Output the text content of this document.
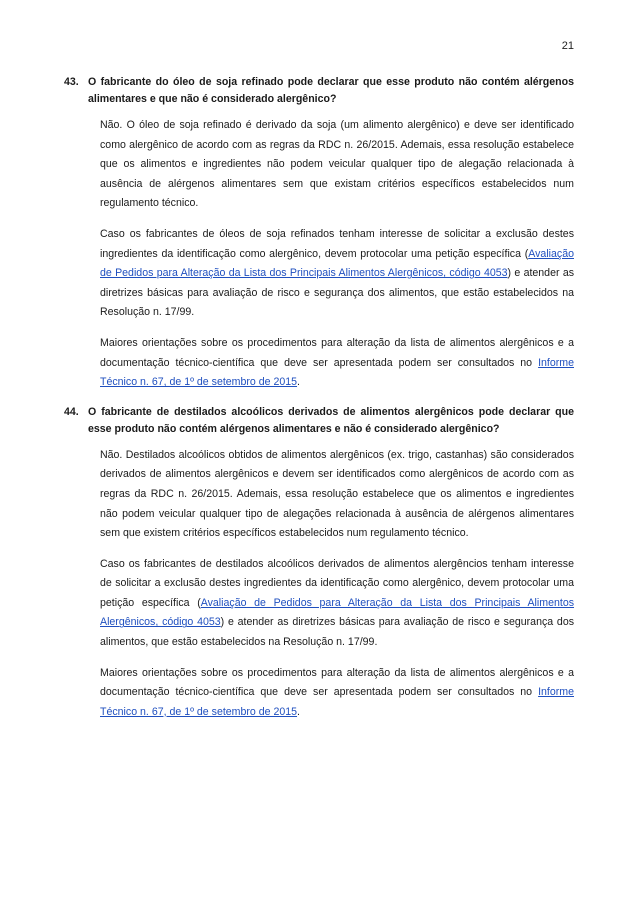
21

43. O fabricante do óleo de soja refinado pode declarar que esse produto não contém alérgenos alimentares e que não é considerado alergênico?

Não. O óleo de soja refinado é derivado da soja (um alimento alergênico) e deve ser identificado como alergênico de acordo com as regras da RDC n. 26/2015. Ademais, essa resolução estabelece que os alimentos e ingredientes não podem veicular qualquer tipo de alegação relacionada à ausência de alérgenos alimentares sem que existam critérios específicos estabelecidos num regulamento técnico.

Caso os fabricantes de óleos de soja refinados tenham interesse de solicitar a exclusão destes ingredientes da identificação como alergênico, devem protocolar uma petição específica (Avaliação de Pedidos para Alteração da Lista dos Principais Alimentos Alergênicos, código 4053) e atender as diretrizes básicas para avaliação de risco e segurança dos alimentos, que estão estabelecidos na Resolução n. 17/99.

Maiores orientações sobre os procedimentos para alteração da lista de alimentos alergênicos e a documentação técnico-científica que deve ser apresentada podem ser consultados no Informe Técnico n. 67, de 1º de setembro de 2015.

44. O fabricante de destilados alcoólicos derivados de alimentos alergênicos pode declarar que esse produto não contém alérgenos alimentares e não é considerado alergênico?

Não. Destilados alcoólicos obtidos de alimentos alergênicos (ex. trigo, castanhas) são considerados derivados de alimentos alergênicos e devem ser identificados como alergênicos de acordo com as regras da RDC n. 26/2015. Ademais, essa resolução estabelece que os alimentos e ingredientes não podem veicular qualquer tipo de alegações relacionada à ausência de alérgenos alimentares sem que existem critérios específicos estabelecidos num regulamento técnico.

Caso os fabricantes de destilados alcoólicos derivados de alimentos alergêncios tenham interesse de solicitar a exclusão destes ingredientes da identificação como alergênico, devem protocolar uma petição específica (Avaliação de Pedidos para Alteração da Lista dos Principais Alimentos Alergênicos, código 4053) e atender as diretrizes básicas para avaliação de risco e segurança dos alimentos, que estão estabelecidos na Resolução n. 17/99.

Maiores orientações sobre os procedimentos para alteração da lista de alimentos alergênicos e a documentação técnico-científica que deve ser apresentada podem ser consultados no Informe Técnico n. 67, de 1º de setembro de 2015.
